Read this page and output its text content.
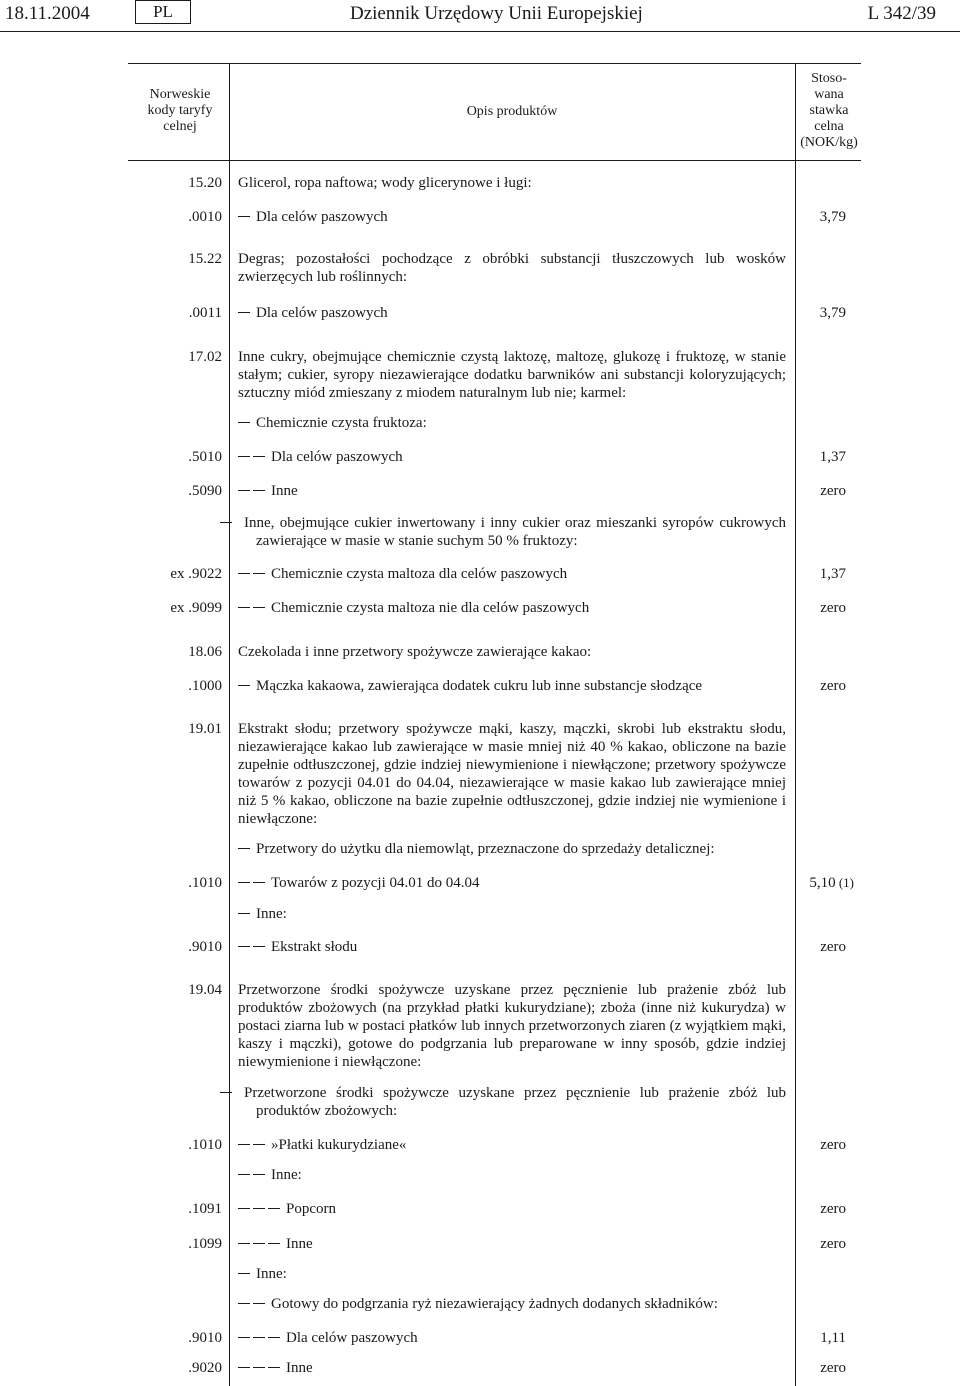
18.11.2004	PL	Dziennik Urzędowy Unii Europejskiej	L 342/39
Norweskie kody taryfy celnej
Opis produktów
Stoso- wana stawka celna (NOK/kg)
15.20 Glicerol, ropa naftowa; wody glicerynowe i ługi:
.0010	Dla celów paszowych	3,79
15.22 Degras; pozostałości pochodzące z obróbki substancji tłuszczowych lub wosków zwierzęcych lub roślinnych:
.0011	Dla celów paszowych	3,79
17.02 Inne cukry, obejmujące chemicznie czystą laktozę, maltozę, glukozę i fruktozę, w stanie stałym; cukier, syropy niezawierające dodatku barwników ani substancji koloryzujących; sztuczny miód zmieszany z miodem naturalnym lub nie; karmel:
Chemicznie czysta fruktoza:
.5010	Dla celów paszowych	1,37
.5090	Inne	zero
Inne, obejmujące cukier inwertowany i inny cukier oraz mieszanki syropów cukrowych zawierające w masie w stanie suchym 50 % fruktozy:
ex .9022	Chemicznie czysta maltoza dla celów paszowych	1,37
ex .9099	Chemicznie czysta maltoza nie dla celów paszowych	zero
18.06 Czekolada i inne przetwory spożywcze zawierające kakao:
.1000	Mączka kakaowa, zawierająca dodatek cukru lub inne substancje słodzące	zero
19.01 Ekstrakt słodu; przetwory spożywcze mąki, kaszy, mączki, skrobi lub ekstraktu słodu, niezawierające kakao lub zawierające w masie mniej niż 40 % kakao, obliczone na bazie zupełnie odtłuszczonej, gdzie indziej niewymienione i niewłączone; przetwory spożywcze towarów z pozycji 04.01 do 04.04, niezawierające w masie kakao lub zawierające mniej niż 5 % kakao, obliczone na bazie zupełnie odtłuszczonej, gdzie indziej nie wymienione i niewłączone:
Przetwory do użytku dla niemowląt, przeznaczone do sprzedaży detalicznej:
.1010	Towarów z pozycji 04.01 do 04.04	5,10 (1)
Inne:
.9010	Ekstrakt słodu	zero
19.04 Przetworzone środki spożywcze uzyskane przez pęcznienie lub prażenie zbóż lub produktów zbożowych (na przykład płatki kukurydziane); zboża (inne niż kukurydza) w postaci ziarna lub w postaci płatków lub innych przetworzonych ziaren (z wyjątkiem mąki, kaszy i mączki), gotowe do podgrzania lub preparowane w inny sposób, gdzie indziej niewymienione i niewłączone:
Przetworzone środki spożywcze uzyskane przez pęcznienie lub prażenie zbóż lub produktów zbożowych:
.1010	»Płatki kukurydziane«	zero
Inne:
.1091	Popcorn	zero
.1099	Inne	zero
Inne:
Gotowy do podgrzania ryż niezawierający żadnych dodanych składników:
.9010	Dla celów paszowych	1,11
.9020	Inne	zero
